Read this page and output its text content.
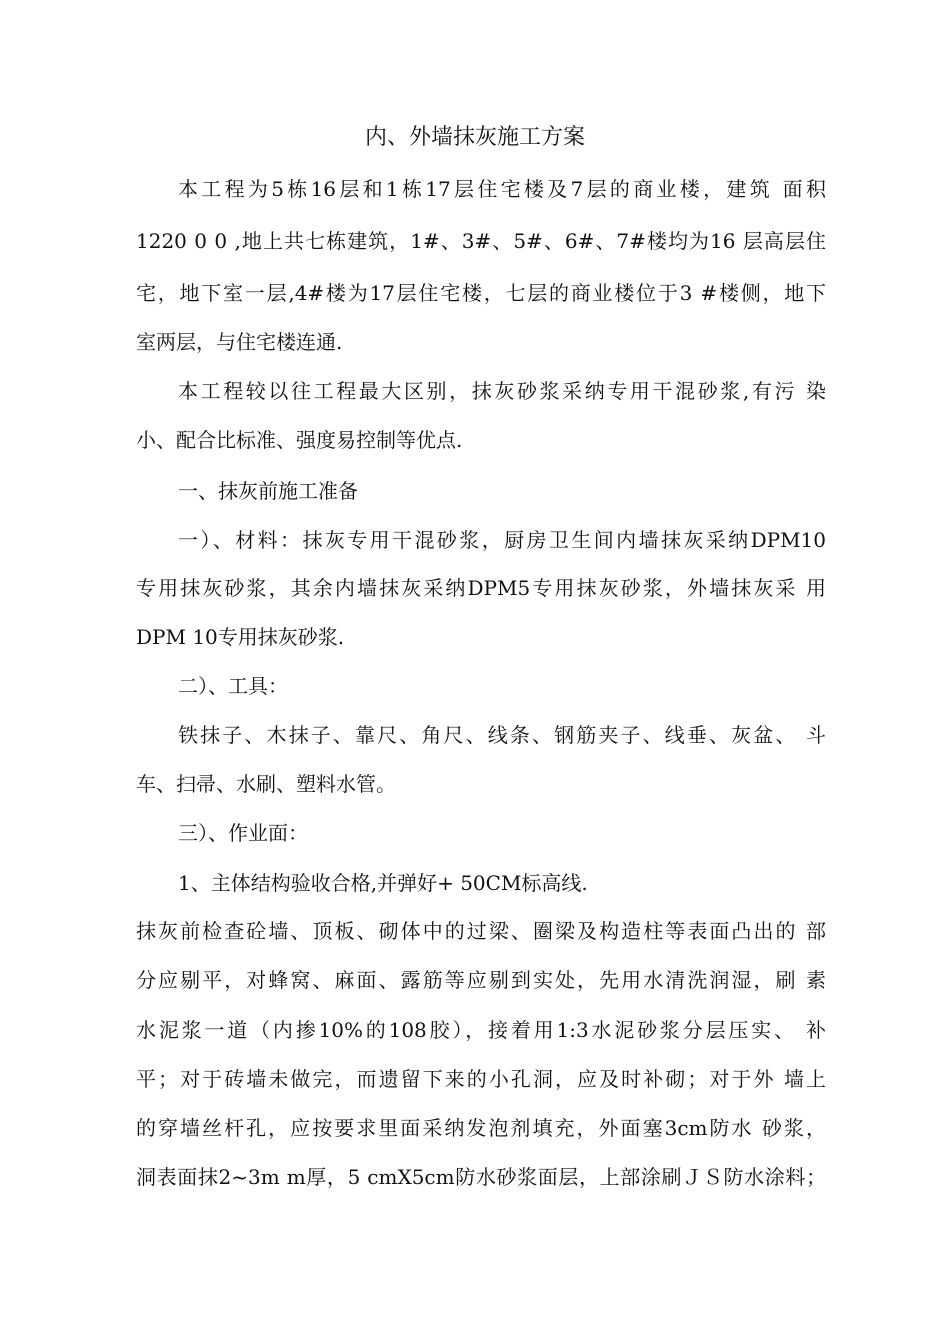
内、外墙抹灰施工方案
本工程为5栋16层和1栋17层住宅楼及7层的商业楼，建筑 面积
1220 0 0 ,地上共七栋建筑，1#、3#、5#、6#、7#楼均为16 层高层住
宅，地下室一层,4#楼为17层住宅楼，七层的商业楼位于3 #楼侧，地下
室两层，与住宅楼连通.
本工程较以往工程最大区别，抹灰砂浆采纳专用干混砂浆,有污 染
小、配合比标准、强度易控制等优点.
一、抹灰前施工准备
一）、材料：抹灰专用干混砂浆，厨房卫生间内墙抹灰采纳DPM10
专用抹灰砂浆，其余内墙抹灰采纳DPM5专用抹灰砂浆，外墙抹灰采 用
DPM 10专用抹灰砂浆.
二）、工具：
铁抹子、木抹子、靠尺、角尺、线条、钢筋夹子、线垂、灰盆、 斗
车、扫帚、水刷、塑料水管。
三）、作业面：
1、主体结构验收合格,并弹好+ 50CM标高线.
抹灰前检查砼墙、顶板、砌体中的过梁、圈梁及构造柱等表面凸出的 部
分应剔平，对蜂窝、麻面、露筋等应剔到实处，先用水清洗润湿，刷 素
水泥浆一道（内掺10%的108胶），接着用1:3水泥砂浆分层压实、 补
平；对于砖墙未做完，而遗留下来的小孔洞，应及时补砌；对于外 墙上
的穿墙丝杆孔，应按要求里面采纳发泡剂填充，外面塞3cm防水 砂浆，
洞表面抹2~3m m厚，5 cmX5cm防水砂浆面层，上部涂刷ＪＳ防水涂料；
